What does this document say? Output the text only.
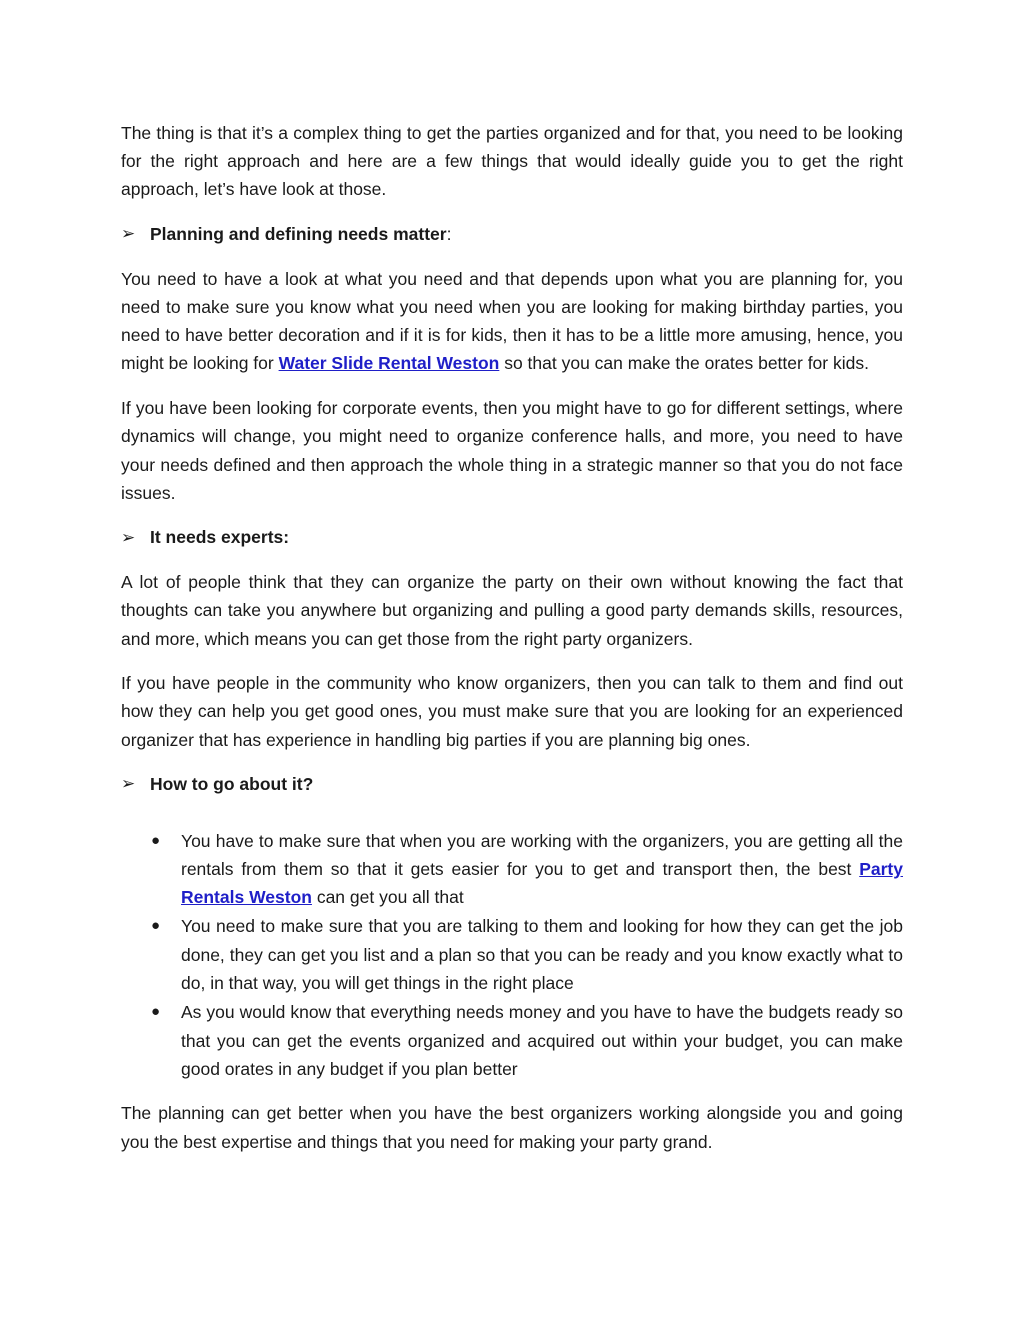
The thing is that it’s a complex thing to get the parties organized and for that, you need to be looking for the right approach and here are a few things that would ideally guide you to get the right approach, let’s have look at those.

➢ Planning and defining needs matter :

You need to have a look at what you need and that depends upon what you are planning for, you need to make sure you know what you need when you are looking for making birthday parties, you need to have better decoration and if it is for kids, then it has to be a little more amusing, hence, you might be looking for Water Slide Rental Weston so that you can make the orates better for kids.

If you have been looking for corporate events, then you might have to go for different settings, where dynamics will change, you might need to organize conference halls, and more, you need to have your needs defined and then approach the whole thing in a strategic manner so that you do not face issues.

➢ It needs experts:

A lot of people think that they can organize the party on their own without knowing the fact that thoughts can take you anywhere but organizing and pulling a good party demands skills, resources, and more, which means you can get those from the right party organizers.

If you have people in the community who know organizers, then you can talk to them and find out how they can help you get good ones, you must make sure that you are looking for an experienced organizer that has experience in handling big parties if you are planning big ones.

➢ How to go about it?
● You have to make sure that when you are working with the organizers, you are getting all the rentals from them so that it gets easier for you to get and transport then, the best Party Rentals Weston can get you all that
● You need to make sure that you are talking to them and looking for how they can get the job done, they can get you list and a plan so that you can be ready and you know exactly what to do, in that way, you will get things in the right place
● As you would know that everything needs money and you have to have the budgets ready so that you can get the events organized and acquired out within your budget, you can make good orates in any budget if you plan better

The planning can get better when you have the best organizers working alongside you and going you the best expertise and things that you need for making your party grand.
